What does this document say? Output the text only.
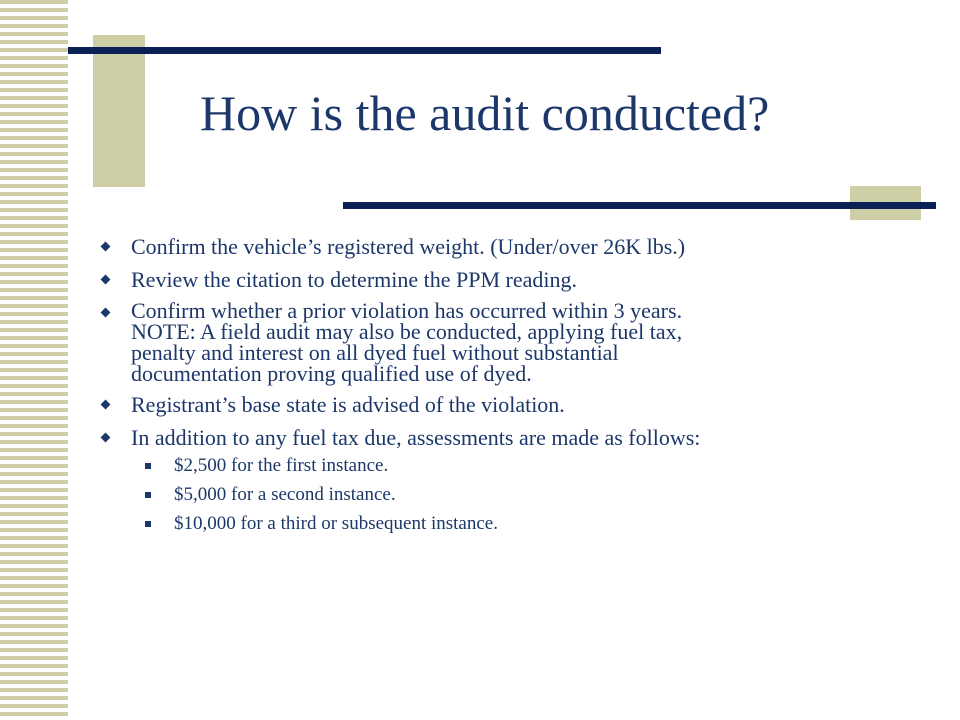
How is the audit conducted?
Confirm the vehicle’s registered weight. (Under/over 26K lbs.)
Review the citation to determine the PPM reading.
Confirm whether a prior violation has occurred within 3 years.
NOTE: A field audit may also be conducted, applying fuel tax,
penalty and interest on all dyed fuel without substantial
documentation proving qualified use of dyed.
Registrant’s base state is advised of the violation.
In addition to any fuel tax due, assessments are made as follows:
$2,500 for the first instance.
$5,000 for a second instance.
$10,000 for a third or subsequent instance.
